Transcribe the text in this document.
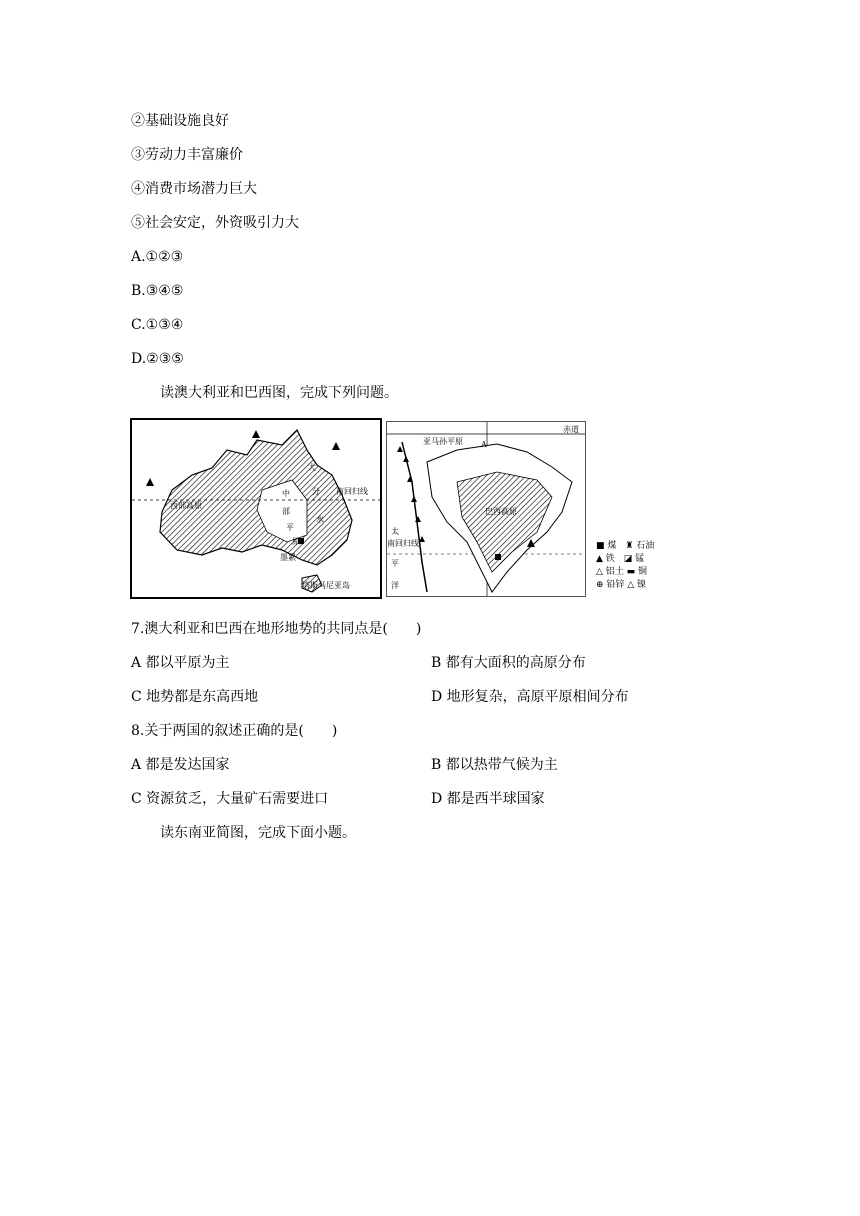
②基础设施良好
③劳动力丰富廉价
④消费市场潜力巨大
⑤社会安定，外资吸引力大
A.①②③
B.③④⑤
C.①③④
D.②③⑤
读澳大利亚和巴西图，完成下列问题。
西部高原
南回归线
塔斯马尼亚岛
中
部
平
原
大
分
水
墨累
亚马孙平原
赤道
巴西高原
太
南回归线
平
洋
A
■ 煤　♜ 石油
▲ 铁　◪ 锰
△ 铝土 ▬ 铜
⊕ 铅锌 △ 镍
7.澳大利亚和巴西在地形地势的共同点是(　　)
A 都以平原为主	B 都有大面积的高原分布
C 地势都是东高西地	D 地形复杂，高原平原相间分布
8.关于两国的叙述正确的是(　　)
A 都是发达国家	B 都以热带气候为主
C 资源贫乏，大量矿石需要进口	D 都是西半球国家
读东南亚简图，完成下面小题。
